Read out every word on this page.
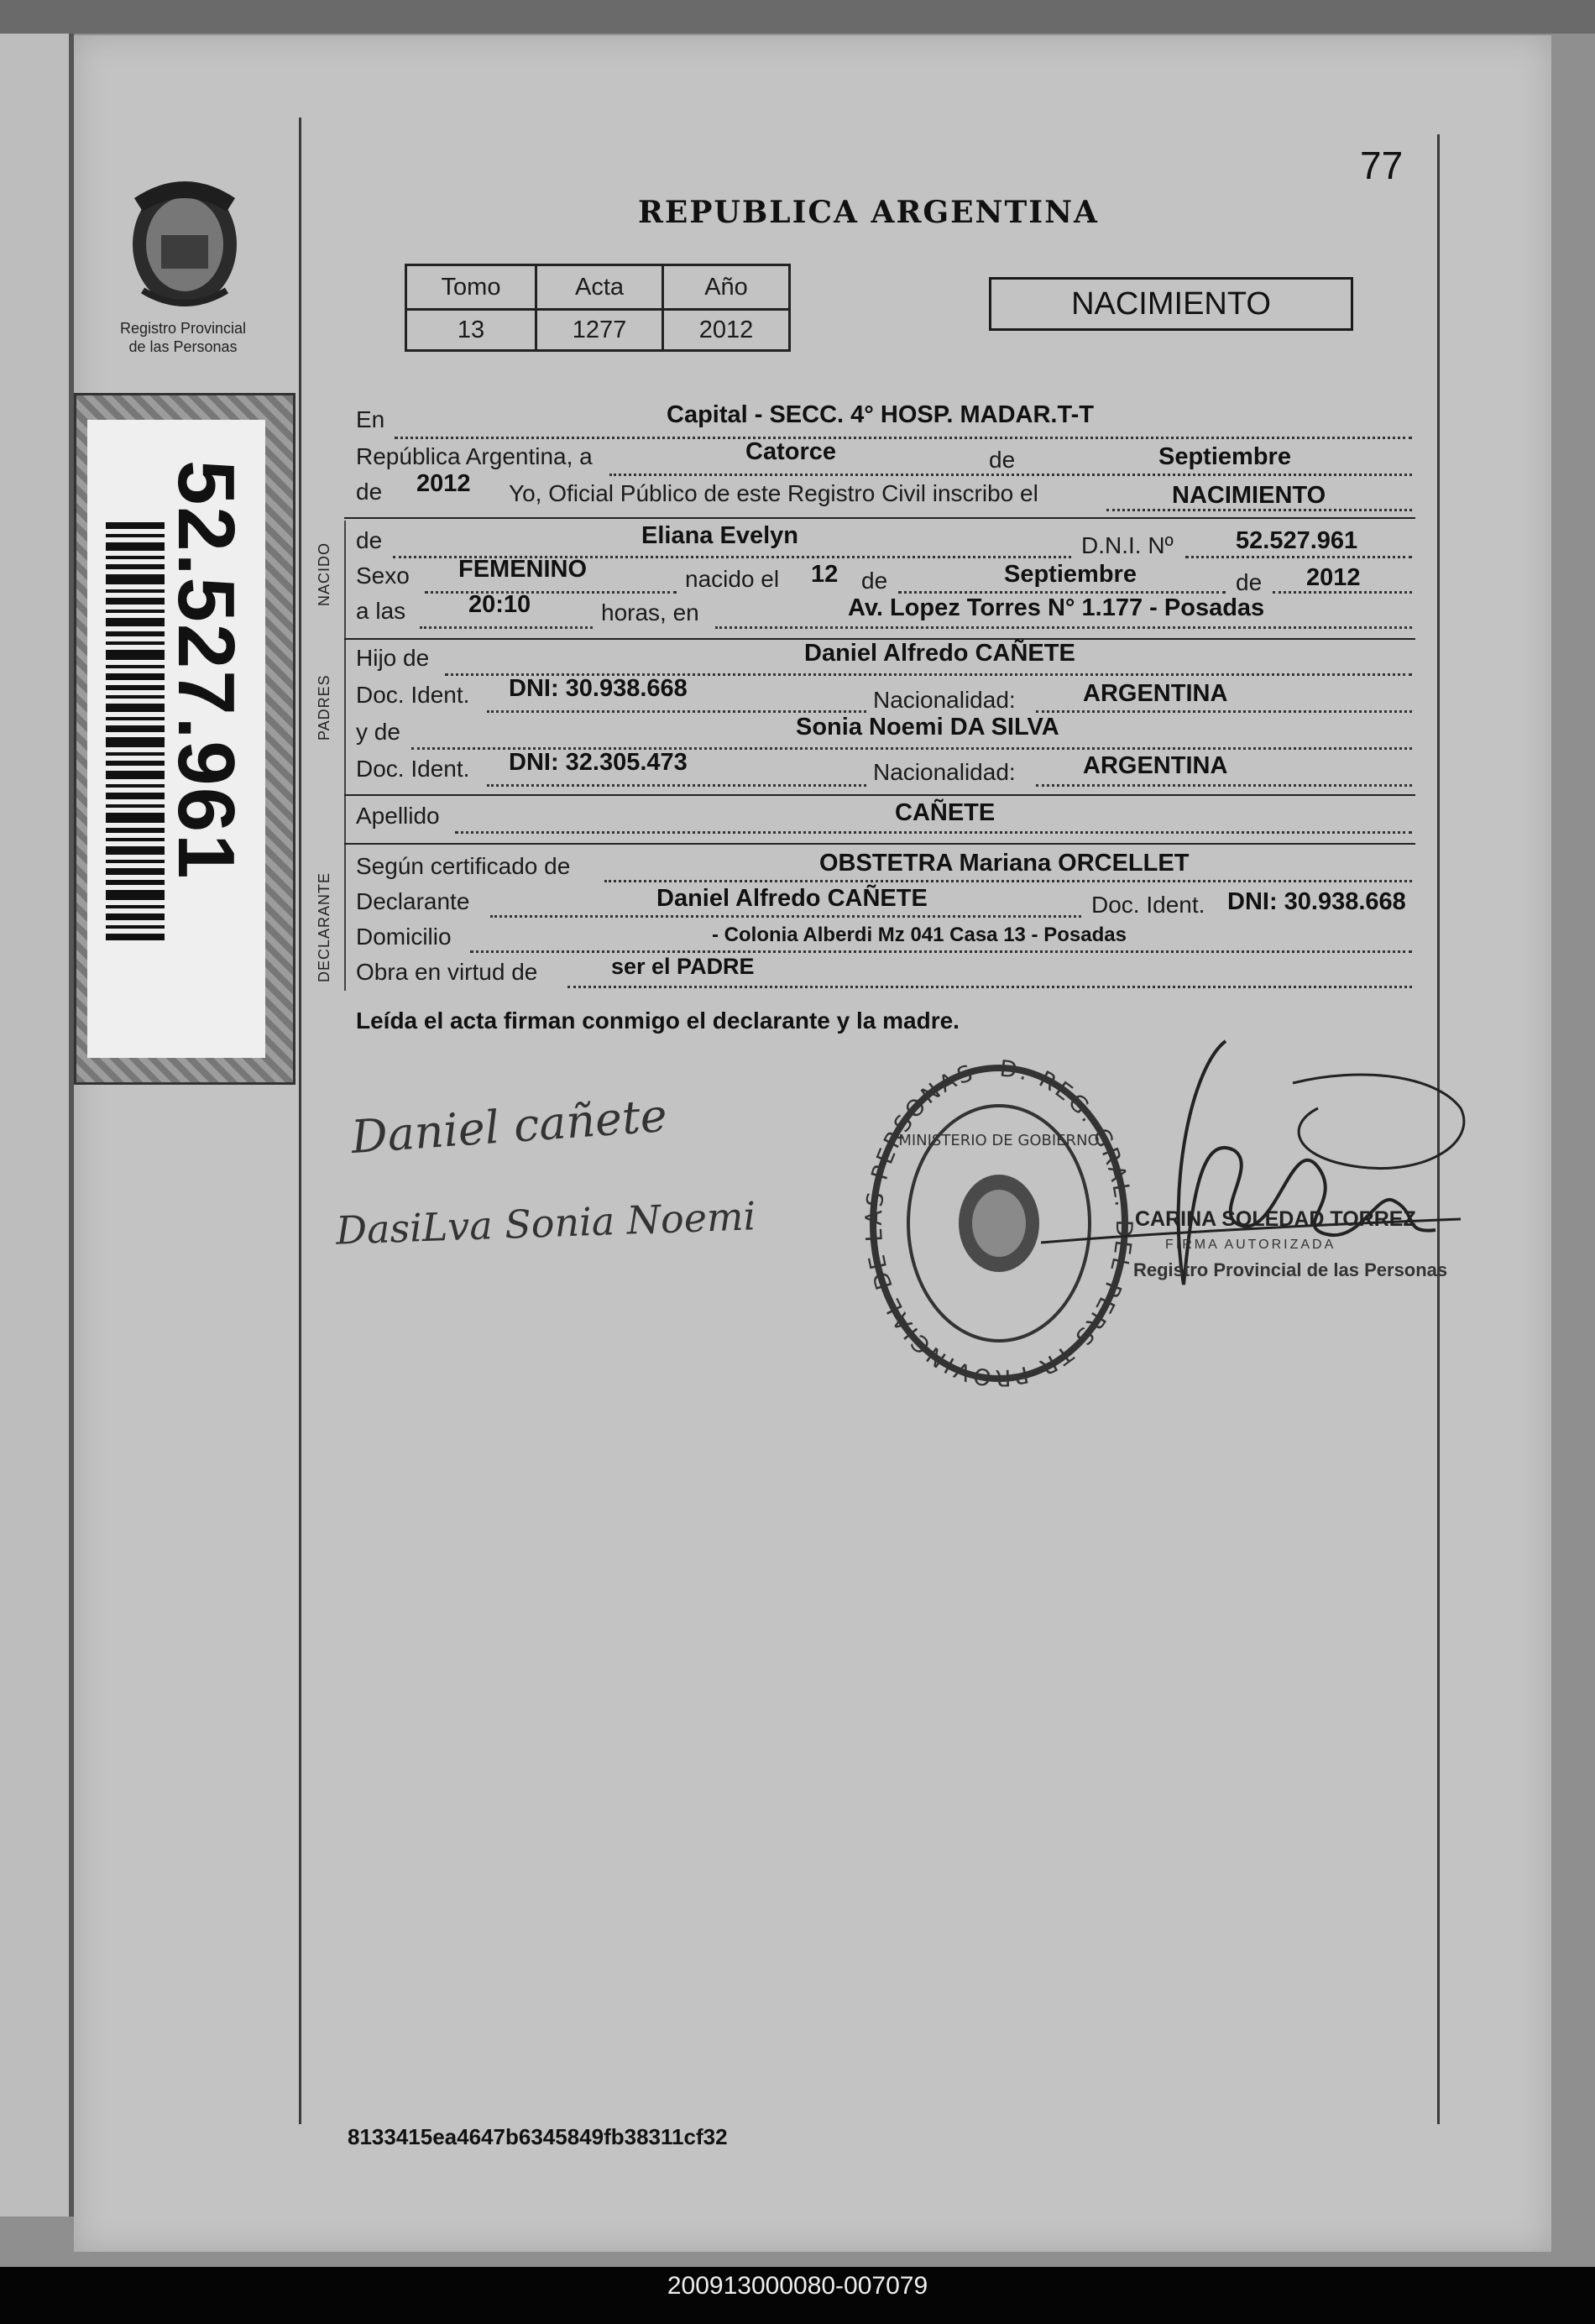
77
REPUBLICA ARGENTINA
Registro Provincial
de las Personas
52.527.961
Tomo	Acta	Año
13	1277	2012
NACIMIENTO
En	Capital - SECC. 4° HOSP. MADAR.T-T
República Argentina, a	Catorce	de	Septiembre
de 2012 Yo, Oficial Público de este Registro Civil inscribo el	NACIMIENTO
NACIDO
PADRES
DECLARANTE
de	Eliana Evelyn	D.N.I. Nº	52.527.961
Sexo FEMENINO	nacido el 12 de	Septiembre	de 2012
a las	20:10	horas, en	Av. Lopez Torres N° 1.177 - Posadas
Hijo de	Daniel Alfredo CAÑETE
Doc. Ident. DNI: 30.938.668	Nacionalidad:	ARGENTINA
y de	Sonia Noemi DA SILVA
Doc. Ident. DNI: 32.305.473	Nacionalidad:	ARGENTINA
Apellido	CAÑETE
Según certificado de	OBSTETRA Mariana ORCELLET
Declarante	Daniel Alfredo CAÑETE	Doc. Ident. DNI: 30.938.668
Domicilio	- Colonia Alberdi Mz 041 Casa 13 - Posadas
Obra en virtud de	ser el PADRE
Leída el acta firman conmigo el declarante y la madre.
Daniel cañete
DasiLva Sonia Noemi
D. REG. GRAL. DEL PERS TR PROVINCIAL DE LAS PERSONAS
MINISTERIO DE GOBIERNO
CARINA SOLEDAD TORREZ
FIRMA AUTORIZADA
Registro Provincial de las Personas
8133415ea4647b6345849fb38311cf32
200913000080-007079
